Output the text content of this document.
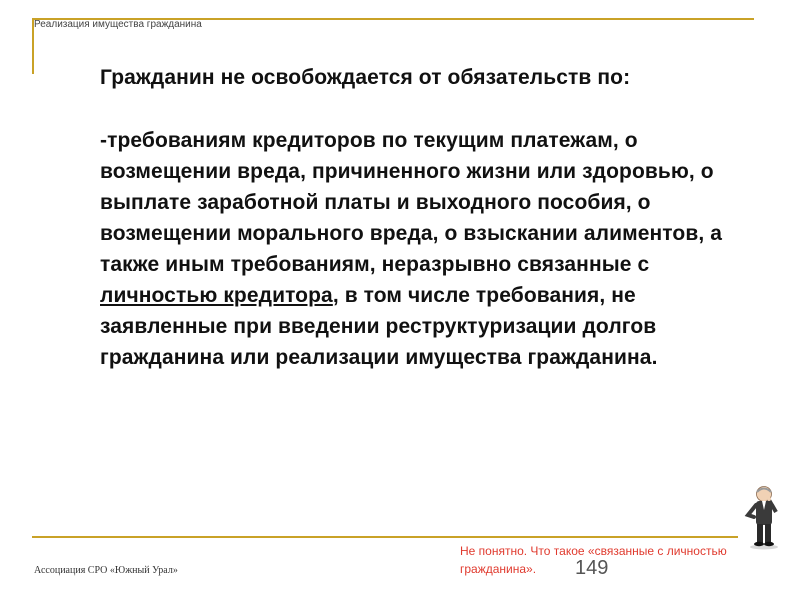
Реализация имущества гражданина

Гражданин не освобождается от обязательств по:

-требованиям кредиторов по текущим платежам, о возмещении вреда, причиненного жизни или здоровью, о выплате заработной платы и выходного пособия, о возмещении морального вреда, о взыскании алиментов, а также иным требованиям, неразрывно связанные с личностью кредитора, в том числе требования, не заявленные при введении реструктуризации долгов гражданина или реализации имущества гражданина.

Ассоциация СРО «Южный Урал»	149
Не понятно. Что такое «связанные с личностью гражданина».
